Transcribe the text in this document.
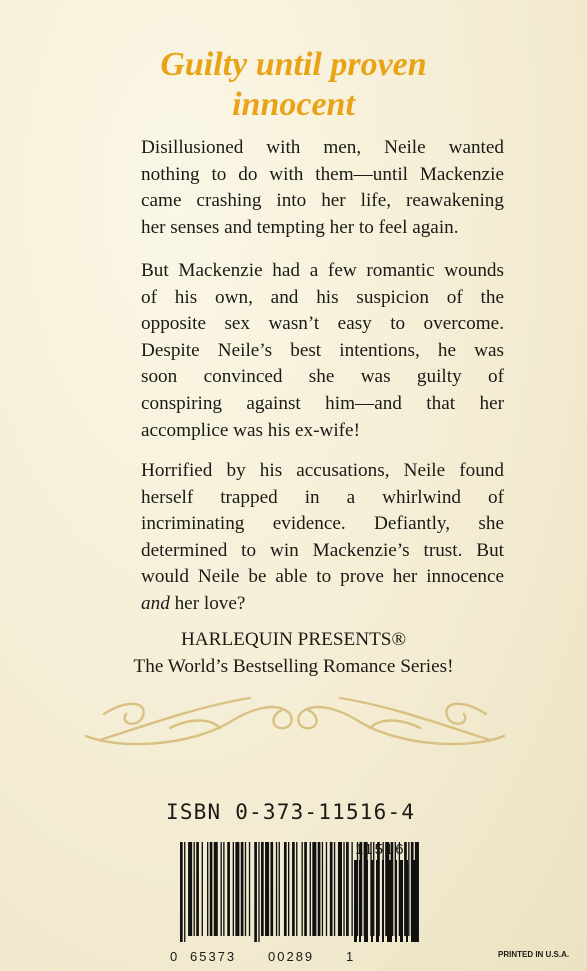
Guilty until proven
innocent
Disillusioned with men, Neile wanted
nothing to do with them—until Mackenzie
came crashing into her life, reawakening
her senses and tempting her to feel again.
But Mackenzie had a few romantic wounds
of his own, and his suspicion of the
opposite sex wasn’t easy to overcome.
Despite Neile’s best intentions, he was
soon convinced she was guilty of
conspiring against him—and that her
accomplice was his ex-wife!
Horrified by his accusations, Neile found
herself trapped in a whirlwind of
incriminating evidence. Defiantly, she
determined to win Mackenzie’s trust. But
would Neile be able to prove her innocence
and her love?
HARLEQUIN PRESENTS®
The World’s Bestselling Romance Series!
ISBN 0-373-11516-4
11516
0 65373 00289 1	PRINTED IN U.S.A.
